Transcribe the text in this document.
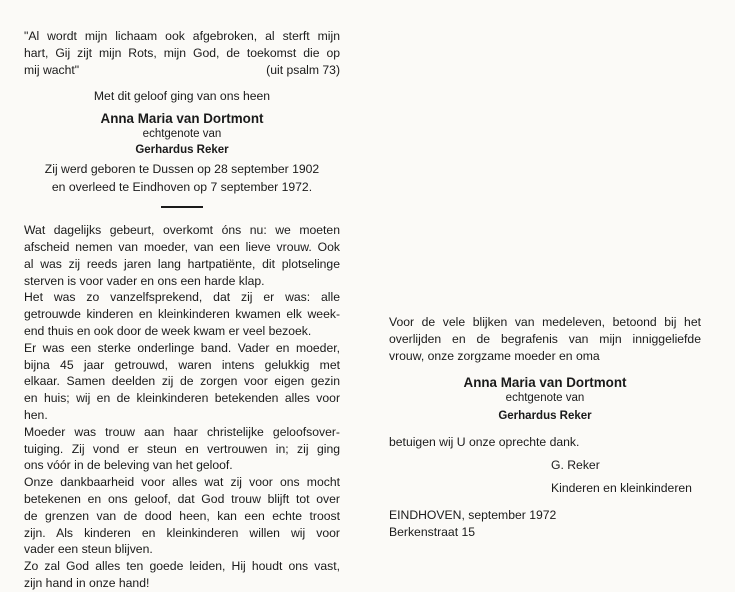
"Al wordt mijn lichaam ook afgebroken, al sterft mijn
hart, Gij zijt mijn Rots, mijn God, de toekomst die op
mij wacht"	(uit psalm 73)
Met dit geloof ging van ons heen
Anna Maria van Dortmont
echtgenote van
Gerhardus Reker
Zij werd geboren te Dussen op 28 september 1902
en overleed te Eindhoven op 7 september 1972.
Wat dagelijks gebeurt, overkomt óns nu: we moeten
afscheid nemen van moeder, van een lieve vrouw. Ook
al was zij reeds jaren lang hartpatiënte, dit plotselinge
sterven is voor vader en ons een harde klap.
Het was zo vanzelfsprekend, dat zij er was: alle
getrouwde kinderen en kleinkinderen kwamen elk week-
end thuis en ook door de week kwam er veel bezoek.
Er was een sterke onderlinge band. Vader en moeder,
bijna 45 jaar getrouwd, waren intens gelukkig met
elkaar. Samen deelden zij de zorgen voor eigen gezin
en huis; wij en de kleinkinderen betekenden alles voor
hen.
Moeder was trouw aan haar christelijke geloofsover-
tuiging. Zij vond er steun en vertrouwen in; zij ging
ons vóór in de beleving van het geloof.
Onze dankbaarheid voor alles wat zij voor ons mocht
betekenen en ons geloof, dat God trouw blijft tot over
de grenzen van de dood heen, kan een echte troost
zijn. Als kinderen en kleinkinderen willen wij voor
vader een steun blijven.
Zo zal God alles ten goede leiden, Hij houdt ons vast,
zijn hand in onze hand!
Voor de vele blijken van medeleven, betoond bij het
overlijden en de begrafenis van mijn inniggeliefde
vrouw, onze zorgzame moeder en oma
Anna Maria van Dortmont
echtgenote van
Gerhardus Reker
betuigen wij U onze oprechte dank.
G. Reker
Kinderen en kleinkinderen
EINDHOVEN, september 1972
Berkenstraat 15
